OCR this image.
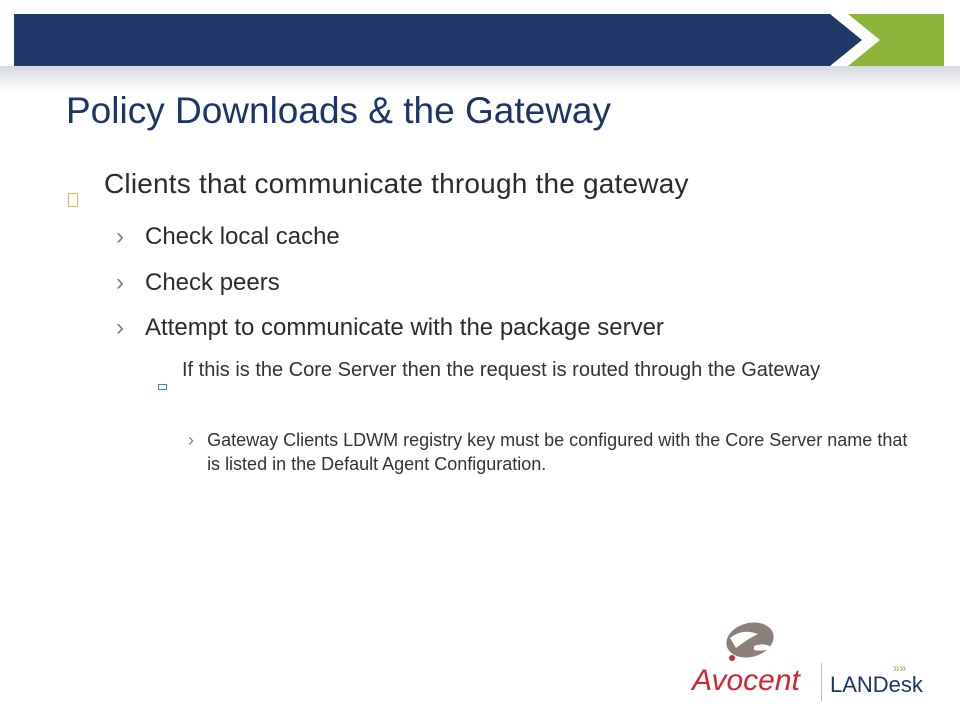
Policy Downloads & the Gateway
Clients that communicate through the gateway
› Check local cache
› Check peers
› Attempt to communicate with the package server
If this is the Core Server then the request is routed through the Gateway
› Gateway Clients LDWM registry key must be configured with the Core Server name that is listed in the Default Agent Configuration.
Avocent LANDesk
»»
